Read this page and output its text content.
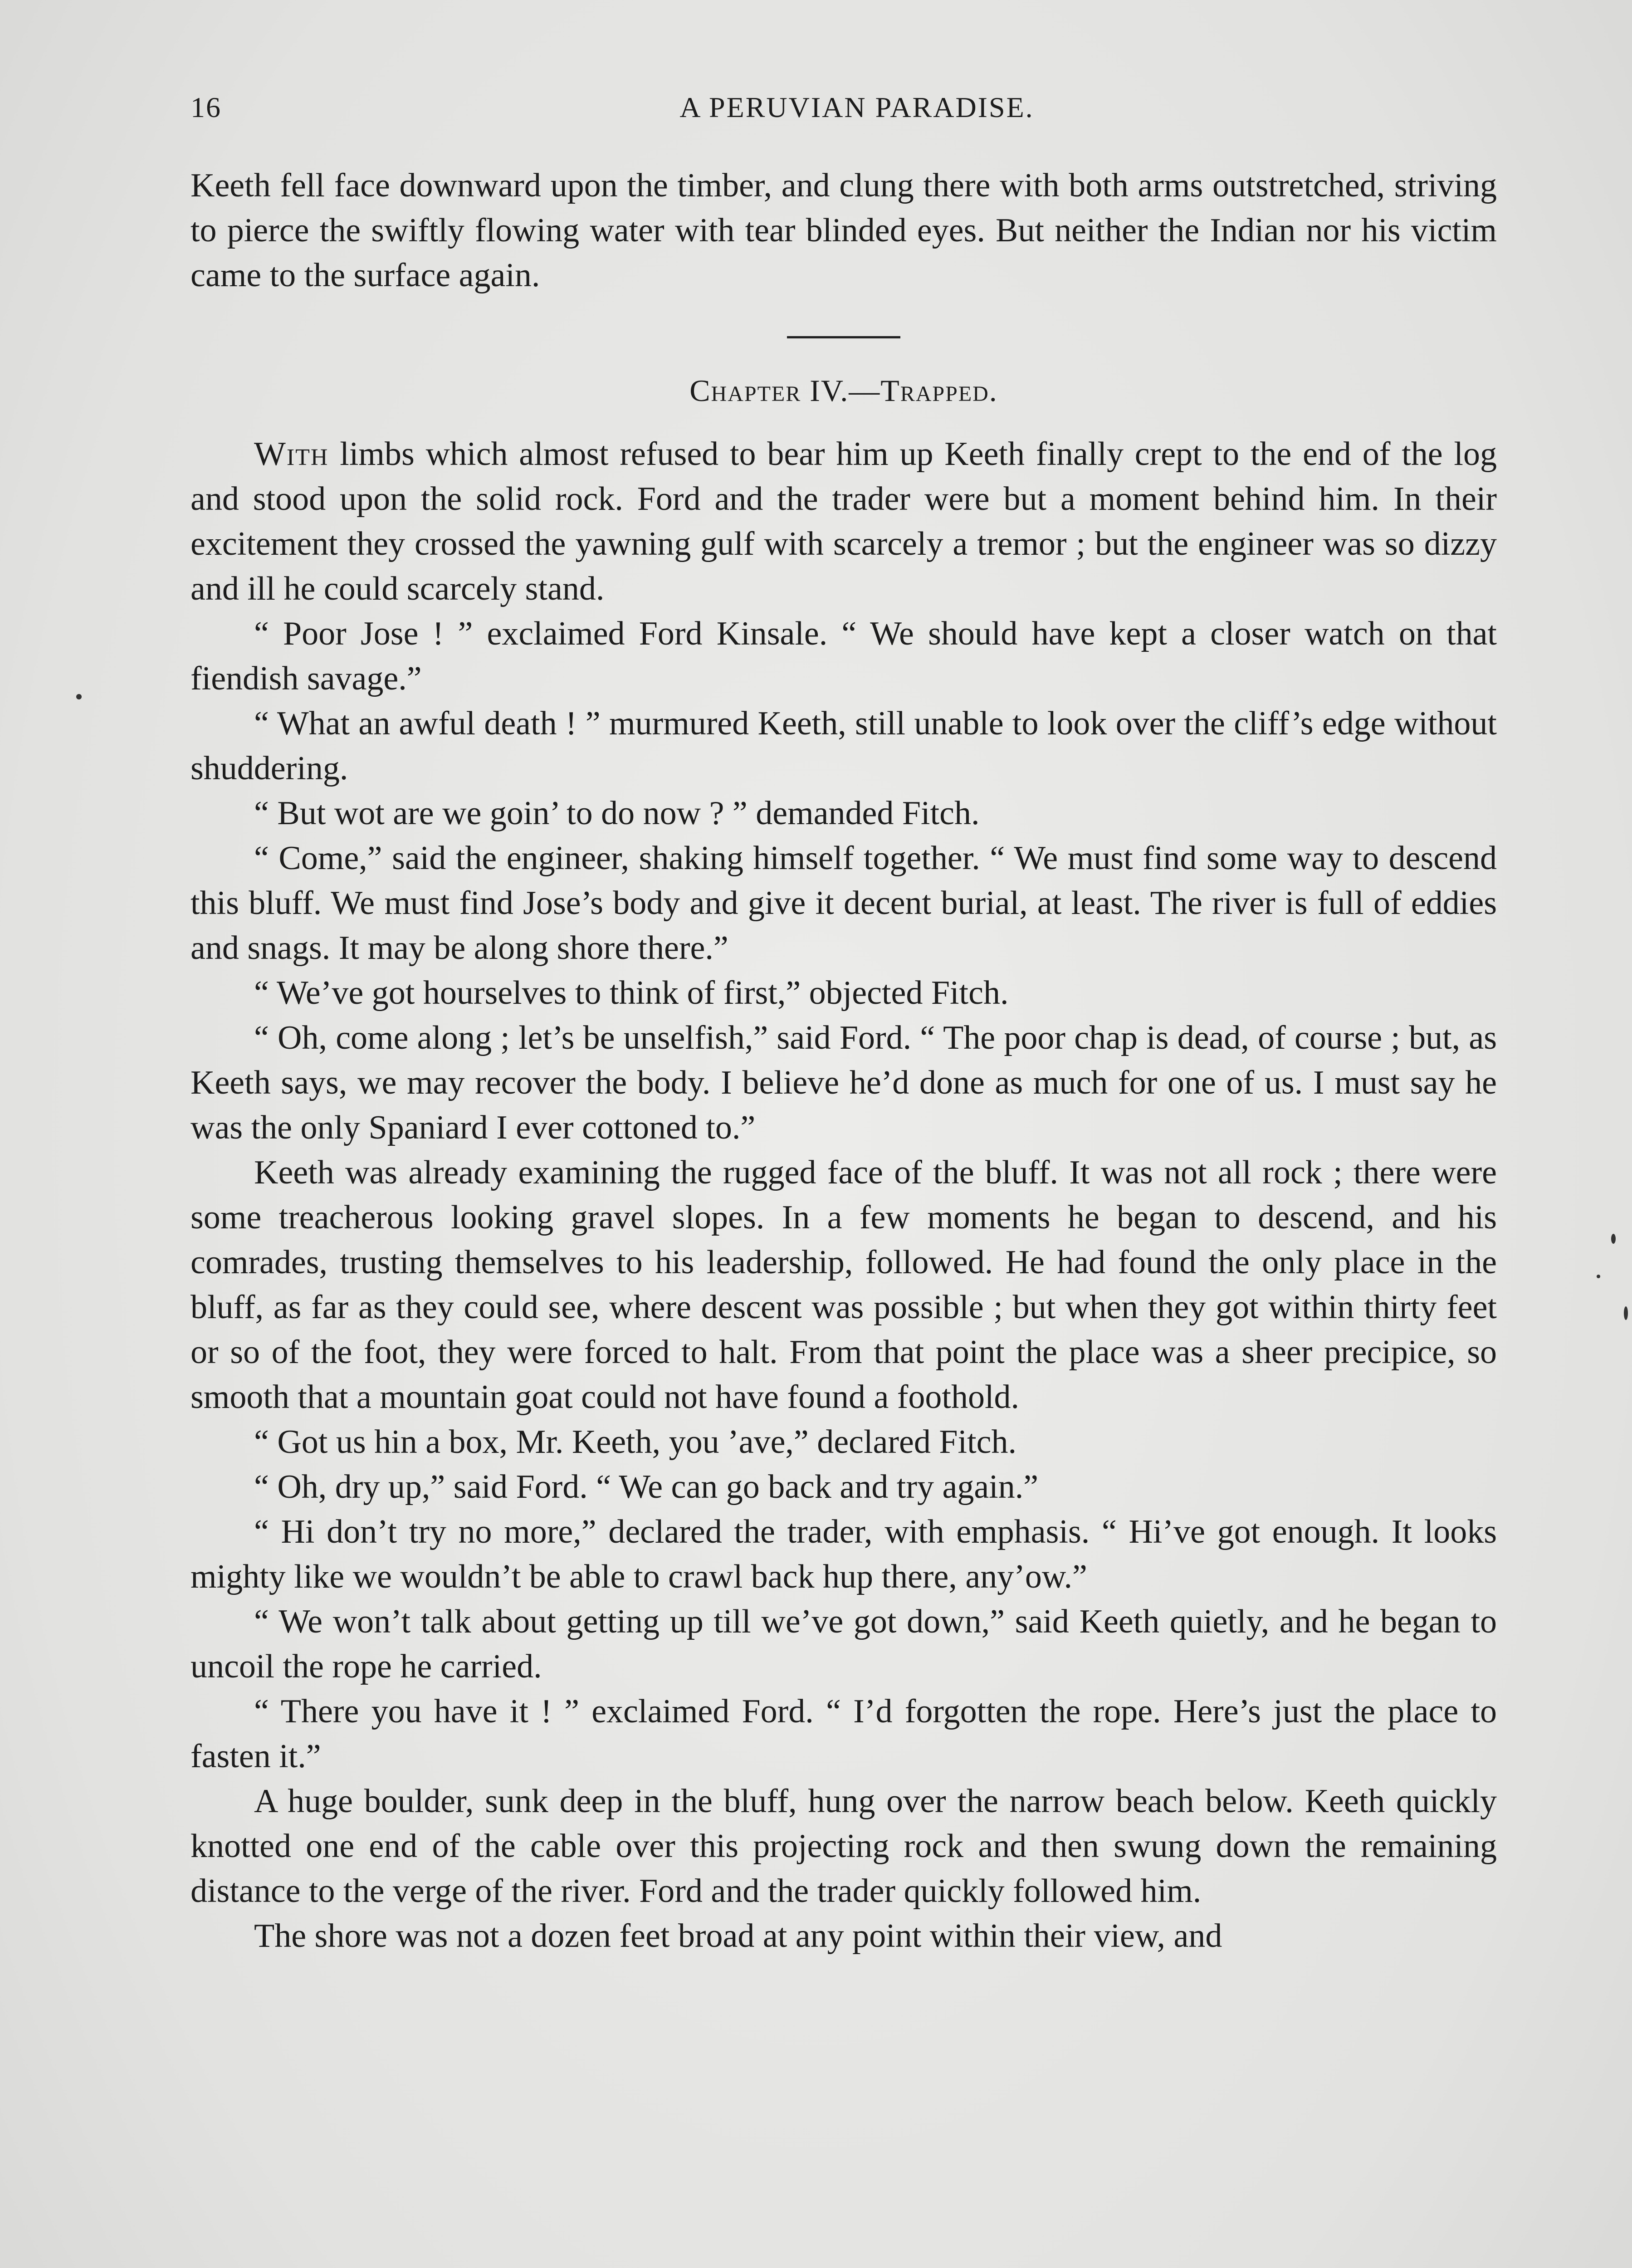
16	A PERUVIAN PARADISE.

Keeth fell face downward upon the timber, and clung there with both arms outstretched, striving to pierce the swiftly flowing water with tear blinded eyes. But neither the Indian nor his victim came to the surface again.

Chapter IV.—Trapped.

With limbs which almost refused to bear him up Keeth finally crept to the end of the log and stood upon the solid rock. Ford and the trader were but a moment behind him. In their excitement they crossed the yawning gulf with scarcely a tremor ; but the engineer was so dizzy and ill he could scarcely stand.

“ Poor Jose ! ” exclaimed Ford Kinsale. “ We should have kept a closer watch on that fiendish savage.”

“ What an awful death ! ” murmured Keeth, still unable to look over the cliff’s edge without shuddering.

“ But wot are we goin’ to do now ? ” demanded Fitch.

“ Come,” said the engineer, shaking himself together. “ We must find some way to descend this bluff. We must find Jose’s body and give it decent burial, at least. The river is full of eddies and snags. It may be along shore there.”

“ We’ve got hourselves to think of first,” objected Fitch.

“ Oh, come along ; let’s be unselfish,” said Ford. “ The poor chap is dead, of course ; but, as Keeth says, we may recover the body. I believe he’d done as much for one of us. I must say he was the only Spaniard I ever cottoned to.”

Keeth was already examining the rugged face of the bluff. It was not all rock ; there were some treacherous looking gravel slopes. In a few moments he began to descend, and his comrades, trusting themselves to his leadership, followed. He had found the only place in the bluff, as far as they could see, where descent was possible ; but when they got within thirty feet or so of the foot, they were forced to halt. From that point the place was a sheer precipice, so smooth that a mountain goat could not have found a foothold.

“ Got us hin a box, Mr. Keeth, you ’ave,” declared Fitch.

“ Oh, dry up,” said Ford. “ We can go back and try again.”

“ Hi don’t try no more,” declared the trader, with emphasis. “ Hi’ve got enough. It looks mighty like we wouldn’t be able to crawl back hup there, any’ow.”

“ We won’t talk about getting up till we’ve got down,” said Keeth quietly, and he began to uncoil the rope he carried.

“ There you have it ! ” exclaimed Ford. “ I’d forgotten the rope. Here’s just the place to fasten it.”

A huge boulder, sunk deep in the bluff, hung over the narrow beach below. Keeth quickly knotted one end of the cable over this projecting rock and then swung down the remaining distance to the verge of the river. Ford and the trader quickly followed him.

The shore was not a dozen feet broad at any point within their view, and
